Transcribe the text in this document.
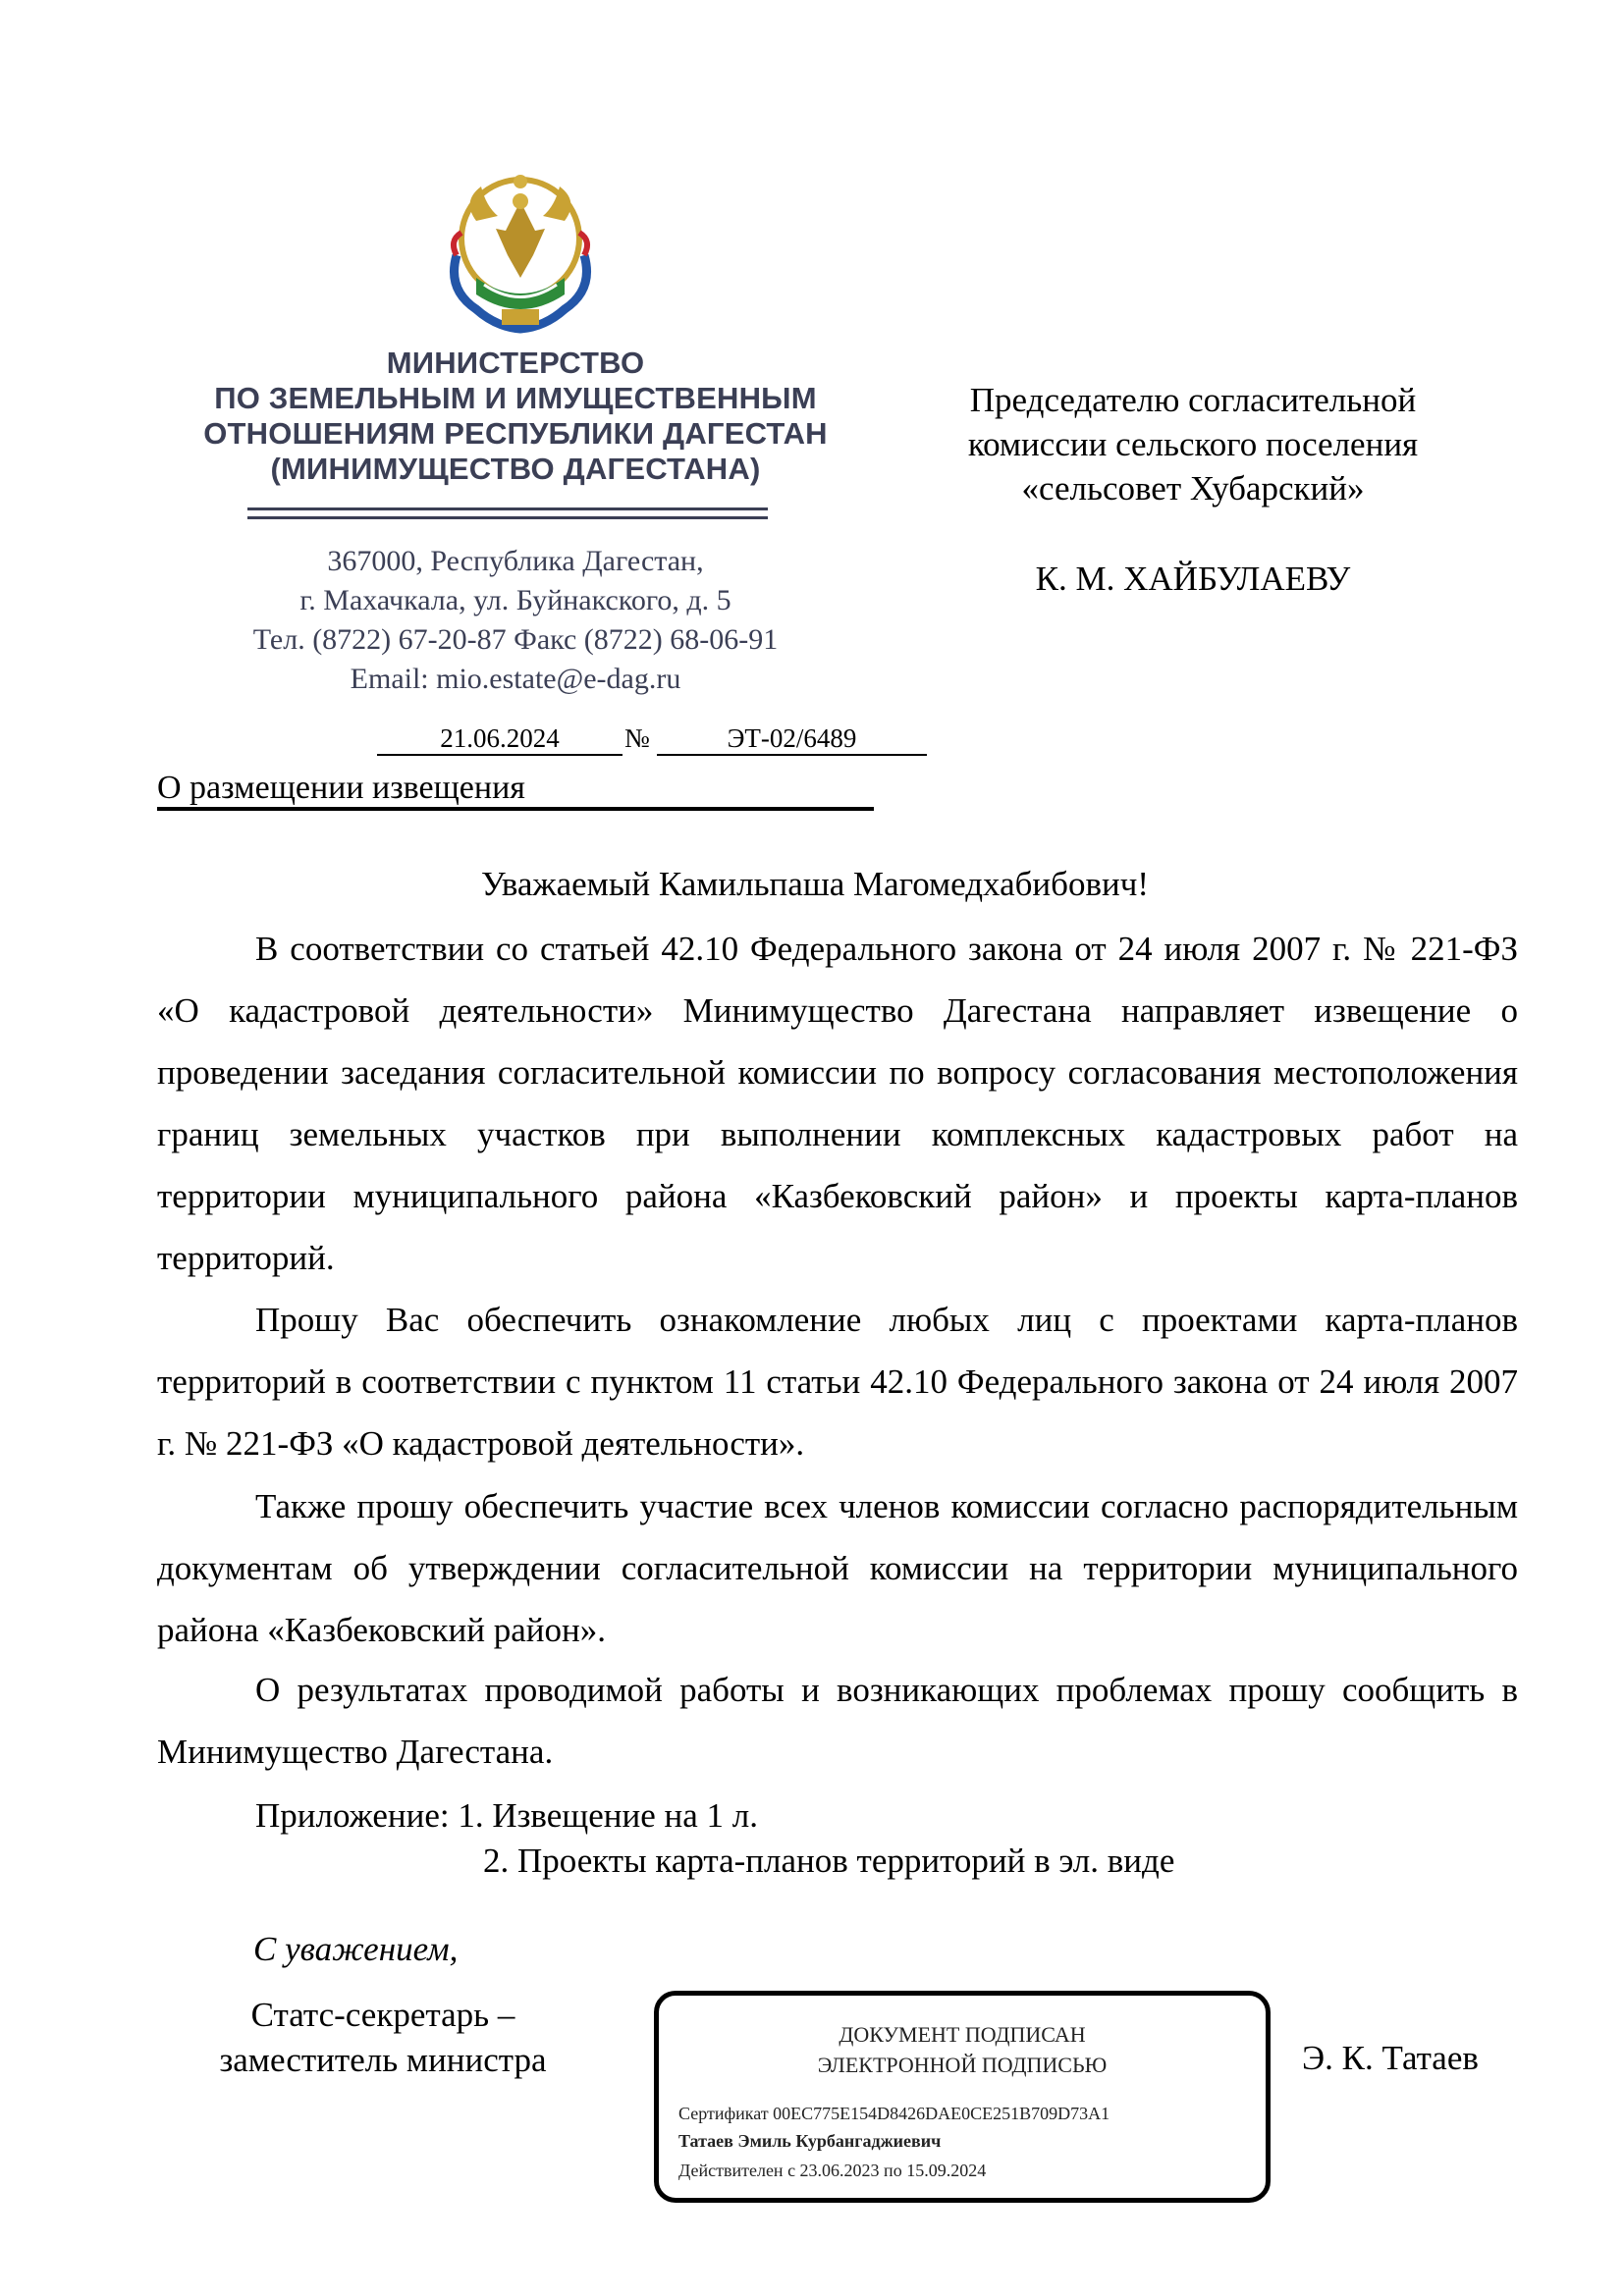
МИНИСТЕРСТВО
ПО ЗЕМЕЛЬНЫМ И ИМУЩЕСТВЕННЫМ
ОТНОШЕНИЯМ РЕСПУБЛИКИ ДАГЕСТАН
(МИНИМУЩЕСТВО ДАГЕСТАНА)
367000, Республика Дагестан,
г. Махачкала, ул. Буйнакского, д. 5
Тел. (8722) 67-20-87 Факс (8722) 68-06-91
Email: mio.estate@e-dag.ru
21.06.2024	№	ЭТ-02/6489
О размещении извещения
Председателю согласительной
комиссии сельского поселения
«сельсовет Хубарский»
К. М. ХАЙБУЛАЕВУ
Уважаемый Камильпаша Магомедхабибович!

В соответствии со статьей 42.10 Федерального закона от 24 июля 2007 г. № 221-ФЗ «О кадастровой деятельности» Минимущество Дагестана направляет извещение о проведении заседания согласительной комиссии по вопросу согласования местоположения границ земельных участков при выполнении комплексных кадастровых работ на территории муниципального района «Казбековский район» и проекты карта-планов территорий.

Прошу Вас обеспечить ознакомление любых лиц с проектами карта-планов территорий в соответствии с пунктом 11 статьи 42.10 Федерального закона от 24 июля 2007 г. № 221-ФЗ «О кадастровой деятельности».

Также прошу обеспечить участие всех членов комиссии согласно распорядительным документам об утверждении согласительной комиссии на территории муниципального района «Казбековский район».

О результатах проводимой работы и возникающих проблемах прошу сообщить в Минимущество Дагестана.

Приложение: 1. Извещение на 1 л.
2. Проекты карта-планов территорий в эл. виде
С уважением,
Статс-секретарь –
заместитель министра	Э. К. Татаев
ДОКУМЕНТ ПОДПИСАН
ЭЛЕКТРОННОЙ ПОДПИСЬЮ
Сертификат 00EC775E154D8426DAE0CE251B709D73A1
Татаев Эмиль Курбангаджиевич
Действителен с 23.06.2023 по 15.09.2024
